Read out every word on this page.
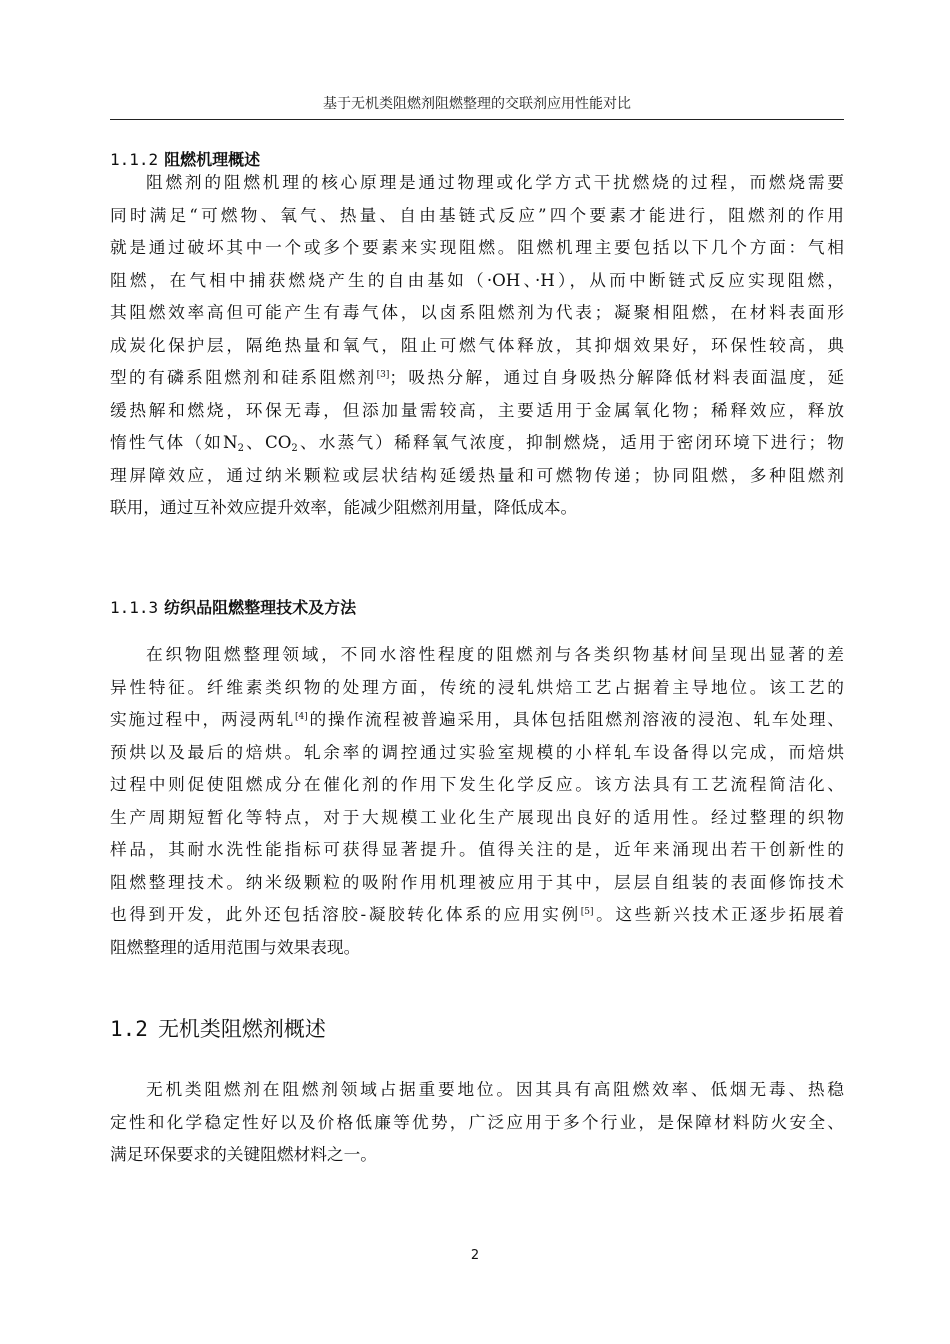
基于无机类阻燃剂阻燃整理的交联剂应用性能对比
1.1.2 阻燃机理概述
阻燃剂的阻燃机理的核心原理是通过物理或化学方式干扰燃烧的过程，而燃烧需要
同时满足“可燃物、氧气、热量、自由基链式反应”四个要素才能进行，阻燃剂的作用
就是通过破坏其中一个或多个要素来实现阻燃。阻燃机理主要包括以下几个方面：气相
阻燃，在气相中捕获燃烧产生的自由基如（·OH、·H），从而中断链式反应实现阻燃，
其阻燃效率高但可能产生有毒气体，以卤系阻燃剂为代表；凝聚相阻燃，在材料表面形
成炭化保护层，隔绝热量和氧气，阻止可燃气体释放，其抑烟效果好，环保性较高，典
型的有磷系阻燃剂和硅系阻燃剂[3]；吸热分解，通过自身吸热分解降低材料表面温度，延
缓热解和燃烧，环保无毒，但添加量需较高，主要适用于金属氧化物；稀释效应，释放
惰性气体（如$N_2$、$CO_2$、水蒸气）稀释氧气浓度，抑制燃烧，适用于密闭环境下进行；物
理屏障效应，通过纳米颗粒或层状结构延缓热量和可燃物传递；协同阻燃，多种阻燃剂
联用，通过互补效应提升效率，能减少阻燃剂用量，降低成本。
1.1.3 纺织品阻燃整理技术及方法
在织物阻燃整理领域，不同水溶性程度的阻燃剂与各类织物基材间呈现出显著的差
异性特征。纤维素类织物的处理方面，传统的浸轧烘焙工艺占据着主导地位。该工艺的
实施过程中，两浸两轧[4]的操作流程被普遍采用，具体包括阻燃剂溶液的浸泡、轧车处理、
预烘以及最后的焙烘。轧余率的调控通过实验室规模的小样轧车设备得以完成，而焙烘
过程中则促使阻燃成分在催化剂的作用下发生化学反应。该方法具有工艺流程简洁化、
生产周期短暂化等特点，对于大规模工业化生产展现出良好的适用性。经过整理的织物
样品，其耐水洗性能指标可获得显著提升。值得关注的是，近年来涌现出若干创新性的
阻燃整理技术。纳米级颗粒的吸附作用机理被应用于其中，层层自组装的表面修饰技术
也得到开发，此外还包括溶胶-凝胶转化体系的应用实例[5]。这些新兴技术正逐步拓展着
阻燃整理的适用范围与效果表现。
1.2 无机类阻燃剂概述
无机类阻燃剂在阻燃剂领域占据重要地位。因其具有高阻燃效率、低烟无毒、热稳
定性和化学稳定性好以及价格低廉等优势，广泛应用于多个行业，是保障材料防火安全、
满足环保要求的关键阻燃材料之一。
2
